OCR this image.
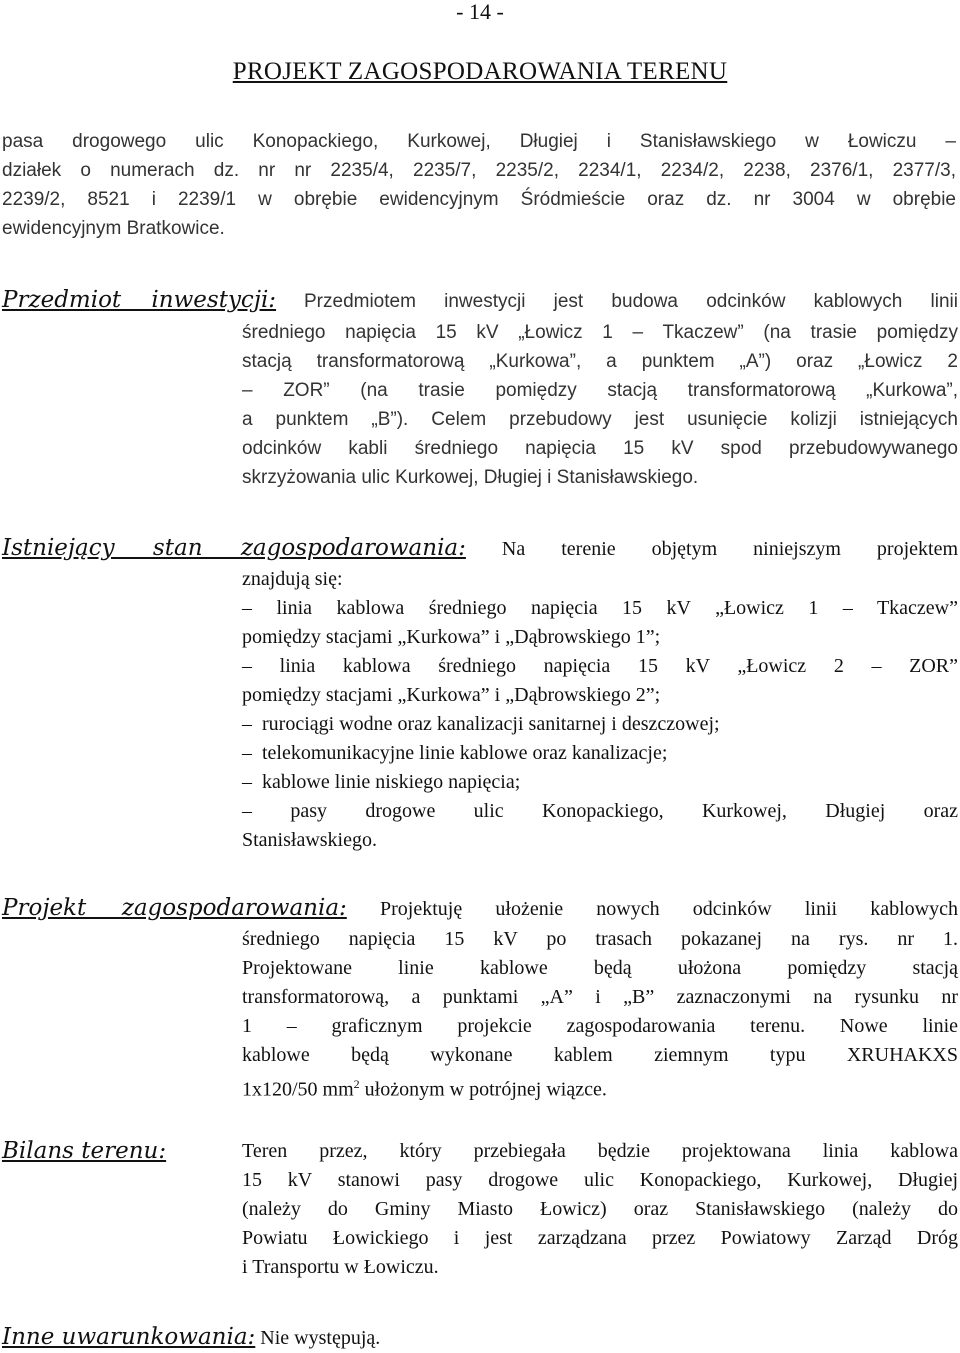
- 14 -
PROJEKT ZAGOSPODAROWANIA TERENU
pasa drogowego ulic Konopackiego, Kurkowej, Długiej i Stanisławskiego w Łowiczu –
działek o numerach dz. nr nr 2235/4, 2235/7, 2235/2, 2234/1, 2234/2, 2238, 2376/1, 2377/3,
2239/2, 8521 i 2239/1 w obrębie ewidencyjnym Śródmieście oraz dz. nr 3004 w obrębie
ewidencyjnym Bratkowice.
Przedmiot inwestycji: Przedmiotem inwestycji jest budowa odcinków kablowych linii
średniego napięcia 15 kV „Łowicz 1 – Tkaczew” (na trasie pomiędzy
stacją transformatorową „Kurkowa”, a punktem „A”) oraz „Łowicz 2
– ZOR” (na trasie pomiędzy stacją transformatorową „Kurkowa”,
a punktem „B”). Celem przebudowy jest usunięcie kolizji istniejących
odcinków kabli średniego napięcia 15 kV spod przebudowywanego
skrzyżowania ulic Kurkowej, Długiej i Stanisławskiego.
Istniejący stan zagospodarowania: Na terenie objętym niniejszym projektem
znajdują się:
– linia kablowa średniego napięcia 15 kV „Łowicz 1 – Tkaczew”
pomiędzy stacjami „Kurkowa” i „Dąbrowskiego 1”;
– linia kablowa średniego napięcia 15 kV „Łowicz 2 – ZOR”
pomiędzy stacjami „Kurkowa” i „Dąbrowskiego 2”;
– rurociągi wodne oraz kanalizacji sanitarnej i deszczowej;
– telekomunikacyjne linie kablowe oraz kanalizacje;
– kablowe linie niskiego napięcia;
– pasy drogowe ulic Konopackiego, Kurkowej, Długiej oraz
Stanisławskiego.
Projekt zagospodarowania: Projektuję ułożenie nowych odcinków linii kablowych
średniego napięcia 15 kV po trasach pokazanej na rys. nr 1.
Projektowane linie kablowe będą ułożona pomiędzy stacją
transformatorową, a punktami „A” i „B” zaznaczonymi na rysunku nr
1 – graficznym projekcie zagospodarowania terenu. Nowe linie
kablowe będą wykonane kablem ziemnym typu XRUHAKXS
1x120/50 $mm^2$ ułożonym w potrójnej wiązce.
Bilans terenu:	Teren przez, który przebiegała będzie projektowana linia kablowa
15 kV stanowi pasy drogowe ulic Konopackiego, Kurkowej, Długiej
(należy do Gminy Miasto Łowicz) oraz Stanisławskiego (należy do
Powiatu Łowickiego i jest zarządzana przez Powiatowy Zarząd Dróg
i Transportu w Łowiczu.
Inne uwarunkowania: Nie występują.
